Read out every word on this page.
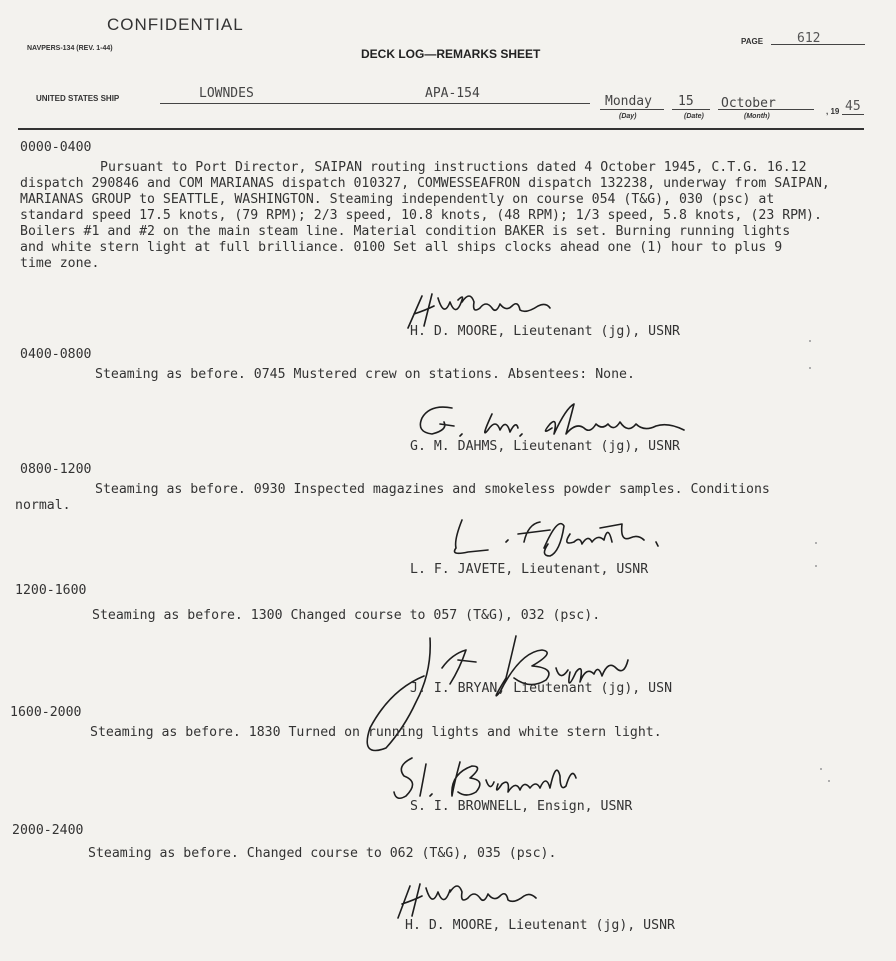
CONFIDENTIAL
NAVPERS-134 (REV. 1-44)	DECK LOG—REMARKS SHEET
PAGE	612
UNITED STATES SHIP	LOWNDES	APA-154
Monday 15 October
(Day)	(Date)	(Month)
, 19 45
0000-0400
Pursuant to Port Director, SAIPAN routing instructions dated 4 October 1945, C.T.G. 16.12
dispatch 290846 and COM MARIANAS dispatch 010327, COMWESSEAFRON dispatch 132238, underway from SAIPAN,
MARIANAS GROUP to SEATTLE, WASHINGTON. Steaming independently on course 054 (T&G), 030 (psc) at
standard speed 17.5 knots, (79 RPM); 2/3 speed, 10.8 knots, (48 RPM); 1/3 speed, 5.8 knots, (23 RPM).
Boilers #1 and #2 on the main steam line. Material condition BAKER is set. Burning running lights
and white stern light at full brilliance. 0100 Set all ships clocks ahead one (1) hour to plus 9
time zone.
H. D. MOORE, Lieutenant (jg), USNR
0400-0800
Steaming as before. 0745 Mustered crew on stations. Absentees: None.
G. M. DAHMS, Lieutenant (jg), USNR
0800-1200
Steaming as before. 0930 Inspected magazines and smokeless powder samples. Conditions
normal.
L. F. JAVETE, Lieutenant, USNR
1200-1600
Steaming as before. 1300 Changed course to 057 (T&G), 032 (psc).
J. I. BRYAN, Lieutenant (jg), USN
1600-2000
Steaming as before. 1830 Turned on running lights and white stern light.
S. I. BROWNELL, Ensign, USNR
2000-2400
Steaming as before. Changed course to 062 (T&G), 035 (psc).
H. D. MOORE, Lieutenant (jg), USNR
